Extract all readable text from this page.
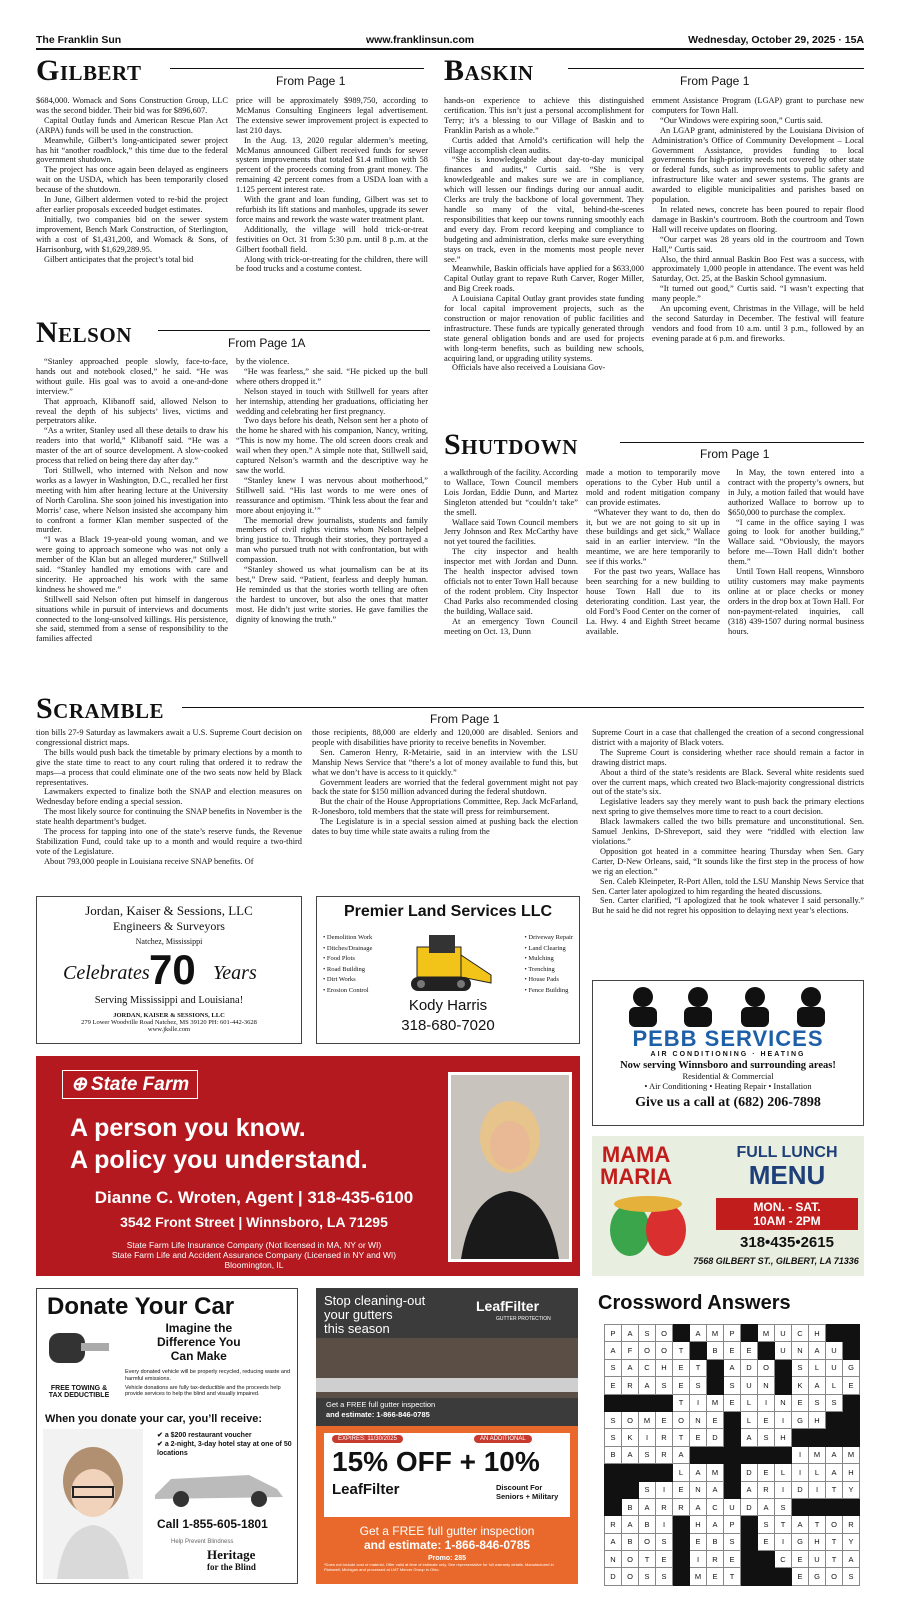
The Franklin Sun	www.franklinsun.com	Wednesday, October 29, 2025 · 15A
Gilbert	From Page 1

$684,000. Womack and Sons Construction Group, LLC was the second bidder. Their bid was for $896,607.

Capital Outlay funds and American Rescue Plan Act (ARPA) funds will be used in the construction.

Meanwhile, Gilbert’s long-anticipated sewer project has hit “another roadblock,” this time due to the federal government shutdown.

The project has once again been delayed as engineers wait on the USDA, which has been temporarily closed because of the shutdown.

In June, Gilbert aldermen voted to re-bid the project after earlier proposals exceeded budget estimates.

Initially, two companies bid on the sewer system improvement, Bench Mark Construction, of Sterlington, with a cost of $1,431,200, and Womack & Sons, of Harrisonburg, with $1,629,289.95.

Gilbert anticipates that the project’s total bid

price will be approximately $989,750, according to McManus Consulting Engineers legal advertisement. The extensive sewer improvement project is expected to last 210 days.

In the Aug. 13, 2020 regular aldermen’s meeting, McManus announced Gilbert received funds for sewer system improvements that totaled $1.4 million with 58 percent of the proceeds coming from grant money. The remaining 42 percent comes from a USDA loan with a 1.125 percent interest rate.

With the grant and loan funding, Gilbert was set to refurbish its lift stations and manholes, upgrade its sewer force mains and rework the waste water treatment plant.

Additionally, the village will hold trick-or-treat festivities on Oct. 31 from 5:30 p.m. until 8 p..m. at the Gilbert football field.

Along with trick-or-treating for the children, there will be food trucks and a costume contest.

Baskin	From Page 1

hands-on experience to achieve this distinguished certification. This isn’t just a personal accomplishment for Terry; it’s a blessing to our Village of Baskin and to Franklin Parish as a whole.”

Curtis added that Arnold’s certification will help the village accomplish clean audits.

“She is knowledgeable about day-to-day municipal finances and audits,” Curtis said. “She is very knowledgeable and makes sure we are in compliance, which will lessen our findings during our annual audit. Clerks are truly the backbone of local government. They handle so many of the vital, behind-the-scenes responsibilities that keep our towns running smoothly each and every day. From record keeping and compliance to budgeting and administration, clerks make sure everything stays on track, even in the moments most people never see.”

Meanwhile, Baskin officials have applied for a $633,000 Capital Outlay grant to repave Ruth Carver, Roger Miller, and Big Creek roads.

A Louisiana Capital Outlay grant provides state funding for local capital improvement projects, such as the construction or major renovation of public facilities and infrastructure. These funds are typically generated through state general obligation bonds and are used for projects with long-term benefits, such as building new schools, acquiring land, or upgrading utility systems.

Officials have also received a Louisiana Gov-

ernment Assistance Program (LGAP) grant to purchase new computers for Town Hall.

“Our Windows were expiring soon,” Curtis said.

An LGAP grant, administered by the Louisiana Division of Administration’s Office of Community Development – Local Government Assistance, provides funding to local governments for high-priority needs not covered by other state or federal funds, such as improvements to public safety and infrastructure like water and sewer systems. The grants are awarded to eligible municipalities and parishes based on population.

In related news, concrete has been poured to repair flood damage in Baskin’s courtroom. Both the courtroom and Town Hall will receive updates on flooring.

“Our carpet was 28 years old in the courtroom and Town Hall,” Curtis said.

Also, the third annual Baskin Boo Fest was a success, with approximately 1,000 people in attendance. The event was held Saturday, Oct. 25, at the Baskin School gymnasium.

“It turned out good,” Curtis said. “I wasn’t expecting that many people.”

An upcoming event, Christmas in the Village, will be held the second Saturday in December. The festival will feature vendors and food from 10 a.m. until 3 p.m., followed by an evening parade at 6 p.m. and fireworks.

Nelson	From Page 1A

“Stanley approached people slowly, face-to-face, hands out and notebook closed,” he said. “He was without guile. His goal was to avoid a one-and-done interview.”

That approach, Klibanoff said, allowed Nelson to reveal the depth of his subjects’ lives, victims and perpetrators alike.

“As a writer, Stanley used all these details to draw his readers into that world,” Klibanoff said. “He was a master of the art of source development. A slow-cooked process that relied on being there day after day.”

Tori Stillwell, who interned with Nelson and now works as a lawyer in Washington, D.C., recalled her first meeting with him after hearing lecture at the University of North Carolina. She soon joined his investigation into Morris’ case, where Nelson insisted she accompany him to confront a former Klan member suspected of the murder.

“I was a Black 19-year-old young woman, and we were going to approach someone who was not only a member of the Klan but an alleged murderer,” Stillwell said. “Stanley handled my emotions with care and sincerity. He approached his work with the same kindness he showed me.”

Stillwell said Nelson often put himself in dangerous situations while in pursuit of interviews and documents connected to the long-unsolved killings. His persistence, she said, stemmed from a sense of responsibility to the families affected

by the violence.

“He was fearless,” she said. “He picked up the bull where others dropped it.”

Nelson stayed in touch with Stillwell for years after her internship, attending her graduations, officiating her wedding and celebrating her first pregnancy.

Two days before his death, Nelson sent her a photo of the home he shared with his companion, Nancy, writing, “This is now my home. The old screen doors creak and wail when they open.” A simple note that, Stillwell said, captured Nelson’s warmth and the descriptive way he saw the world.

“Stanley knew I was nervous about motherhood,” Stillwell said. “His last words to me were ones of reassurance and optimism. ‘Think less about the fear and more about enjoying it.’”

The memorial drew journalists, students and family members of civil rights victims whom Nelson helped bring justice to. Through their stories, they portrayed a man who pursued truth not with confrontation, but with compassion.

“Stanley showed us what journalism can be at its best,” Drew said. “Patient, fearless and deeply human. He reminded us that the stories worth telling are often the hardest to uncover, but also the ones that matter most. He didn’t just write stories. He gave families the dignity of knowing the truth.”

Shutdown	From Page 1

a walkthrough of the facility. According to Wallace, Town Council members Lois Jordan, Eddie Dunn, and Martez Singleton attended but “couldn’t take” the smell.

Wallace said Town Council members Jerry Johnson and Rex McCarthy have not yet toured the facilities.

The city inspector and health inspector met with Jordan and Dunn. The health inspector advised town officials not to enter Town Hall because of the rodent problem. City Inspector Chad Parks also recommended closing the building, Wallace said.

At an emergency Town Council meeting on Oct. 13, Dunn

made a motion to temporarily move operations to the Cyber Hub until a mold and rodent mitigation company can provide estimates.

“Whatever they want to do, then do it, but we are not going to sit up in these buildings and get sick,” Wallace said in an earlier interview. “In the meantime, we are here temporarily to see if this works.”

For the past two years, Wallace has been searching for a new building to house Town Hall due to its deteriorating condition. Last year, the old Ford’s Food Center on the corner of La. Hwy. 4 and Eighth Street became available.

In May, the town entered into a contract with the property’s owners, but in July, a motion failed that would have authorized Wallace to borrow up to $650,000 to purchase the complex.

“I came in the office saying I was going to look for another building,” Wallace said. “Obviously, the mayors before me—Town Hall didn’t bother them.”

Until Town Hall reopens, Winnsboro utility customers may make payments online at or place checks or money orders in the drop box at Town Hall. For non-payment-related inquiries, call (318) 439-1507 during normal business hours.

Scramble	From Page 1

tion bills 27-9 Saturday as lawmakers await a U.S. Supreme Court decision on congressional district maps.

The bills would push back the timetable by primary elections by a month to give the state time to react to any court ruling that ordered it to redraw the maps—a process that could eliminate one of the two seats now held by Black representatives.

Lawmakers expected to finalize both the SNAP and election measures on Wednesday before ending a special session.

The most likely source for continuing the SNAP benefits in November is the state health department’s budget.

The process for tapping into one of the state’s reserve funds, the Revenue Stabilization Fund, could take up to a month and would require a two-third vote of the Legislature.

About 793,000 people in Louisiana receive SNAP benefits. Of

those recipients, 88,000 are elderly and 120,000 are disabled. Seniors and people with disabilities have priority to receive benefits in November.

Sen. Cameron Henry, R-Metairie, said in an interview with the LSU Manship News Service that “there’s a lot of money available to fund this, but what we don’t have is access to it quickly.”

Government leaders are worried that the federal government might not pay back the state for $150 million advanced during the federal shutdown.

But the chair of the House Appropriations Committee, Rep. Jack McFarland, R-Jonesboro, told members that the state will press for reimbursement.

The Legislature is in a special session aimed at pushing back the election dates to buy time while state awaits a ruling from the

Supreme Court in a case that challenged the creation of a second congressional district with a majority of Black voters.

The Supreme Court is considering whether race should remain a factor in drawing district maps.

About a third of the state’s residents are Black. Several white residents sued over the current maps, which created two Black-majority congressional districts out of the state’s six.

Legislative leaders say they merely want to push back the primary elections next spring to give themselves more time to react to a court decision.

Black lawmakers called the two bills premature and unconstitutional. Sen. Samuel Jenkins, D-Shreveport, said they were “riddled with election law violations.”

Opposition got heated in a committee hearing Thursday when Sen. Gary Carter, D-New Orleans, said, “It sounds like the first step in the process of how we rig an election.”

Sen. Caleb Kleinpeter, R-Port Allen, told the LSU Manship News Service that Sen. Carter later apologized to him regarding the heated discussions.

Sen. Carter clarified, “I apologized that he took whatever I said personally.” But he said he did not regret his opposition to delaying next year’s elections.

Jordan, Kaiser & Sessions, LLC
Engineers & Surveyors
Natchez, Mississippi
Celebrates 70 Years
Serving Mississippi and Louisiana!
JORDAN, KAISER & SESSIONS, LLC
279 Lower Woodville Road Natchez, MS 39120 PH: 601-442-3628
www.jkslle.com
Premier Land Services LLC
• Demolition Work
• Ditches/Drainage
• Food Plots
• Road Building
• Dirt Works
• Erosion Control
• Driveway Repair
• Land Clearing
• Mulching
• Trenching
• House Pads
• Fence Building
Kody Harris
318-680-7020
PEBB SERVICES
AIR CONDITIONING · HEATING
Now serving Winnsboro and surrounding areas!
Residential & Commercial
• Air Conditioning • Heating Repair • Installation
Give us a call at (682) 206-7898
⊕ State Farm
A person you know.
A policy you understand.
Dianne C. Wroten, Agent | 318-435-6100
3542 Front Street | Winnsboro, LA 71295
State Farm Life Insurance Company (Not licensed in MA, NY or WI)
State Farm Life and Accident Assurance Company (Licensed in NY and WI)
Bloomington, IL
MAMA
MARIA
FULL LUNCH
MENU
MON. - SAT.
10AM - 2PM
318•435•2615
7568 GILBERT ST., GILBERT, LA 71336
Donate Your Car
Imagine the
Difference You
Can Make
FREE TOWING & TAX DEDUCTIBLE
Every donated vehicle will be properly recycled, reducing waste and harmful emissions.
Vehicle donations are fully tax-deductible and the proceeds help provide services to help the blind and visually impaired.
When you donate your car, you’ll receive:
✔ a $200 restaurant voucher
✔ a 2-night, 3-day hotel stay at one of 50 locations
Call 1-855-605-1801
Help Prevent Blindness
Heritage
for the Blind
Stop cleaning-out
your gutters
this season
LeafFilter
GUTTER PROTECTION
Get a FREE full gutter inspection
and estimate: 1-866-846-0785
EXPIRES: 11/30/2025	AN ADDITIONAL
15% OFF + 10%
LeafFilter	Discount For Seniors + Military
Get a FREE full gutter inspection
and estimate: 1-866-846-0785
Promo: 285
*Does not include cost of material. Offer valid at time of estimate only. See representative for full warranty details. Manufactured in Plainwell, Michigan and processed at LMT Mercer Group in Ohio.
Crossword Answers
P	A	S	O		A	M	P		M	U	C	H		
A	F	O	O	T		B	E	E		U	N	A	U	
S	A	C	H	E	T		A	D	O		S	L	U	G
E	R	A	S	E	S		S	U	N		K	A	L	E
				T	I	M	E	L	I	N	E	S	S	
S	O	M	E	O	N	E		L	E	I	G	H		
S	K	I	R	T	E	D		A	S	H				
B	A	S	R	A							I	M	A	M
				L	A	M		D	E	L	I	L	A	H
		S	I	E	N	A		A	R	I	D	I	T	Y
	B	A	R	R	A	C	U	D	A	S				
R	A	B	I		H	A	P		S	T	A	T	O	R
A	B	O	S		E	B	S		E	I	G	H	T	Y
N	O	T	E		I	R	E			C	E	U	T	A
D	O	S	S		M	E	T				E	G	O	S
